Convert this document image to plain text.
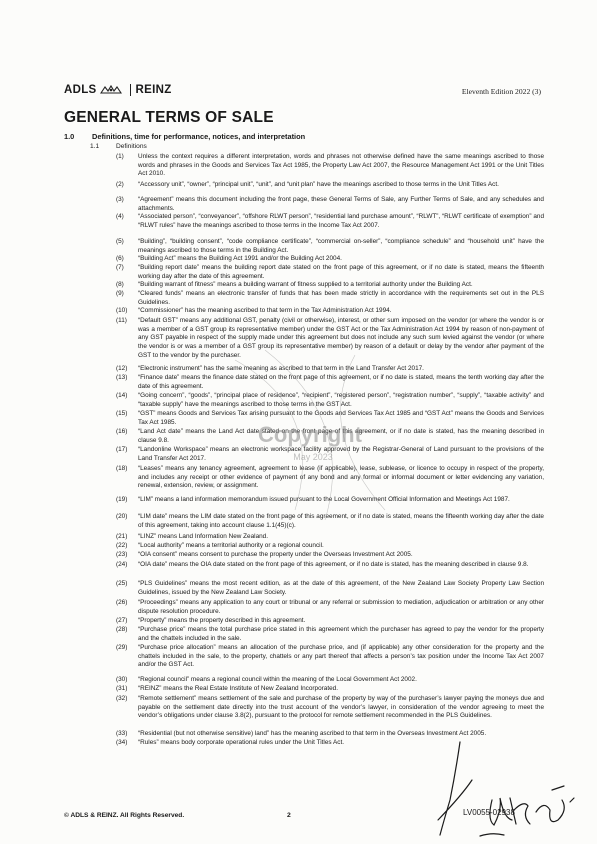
ADLS	REINZ	Eleventh Edition 2022 (3)
GENERAL TERMS OF SALE
1.0 Definitions, time for performance, notices, and interpretation
1.1	Definitions
(1) Unless the context requires a different interpretation, words and phrases not otherwise defined have the same meanings ascribed to those words and phrases in the Goods and Services Tax Act 1985, the Property Law Act 2007, the Resource Management Act 1991 or the Unit Titles Act 2010.
(2) “Accessory unit”, “owner”, “principal unit”, “unit”, and “unit plan” have the meanings ascribed to those terms in the Unit Titles Act.
(3) “Agreement” means this document including the front page, these General Terms of Sale, any Further Terms of Sale, and any schedules and attachments.
(4) “Associated person”, “conveyancer”, “offshore RLWT person”, “residential land purchase amount”, “RLWT”, “RLWT certificate of exemption” and “RLWT rules” have the meanings ascribed to those terms in the Income Tax Act 2007.
(5) “Building”, “building consent”, “code compliance certificate”, “commercial on-seller”, “compliance schedule” and “household unit” have the meanings ascribed to those terms in the Building Act.
(6) “Building Act” means the Building Act 1991 and/or the Building Act 2004.
(7) “Building report date” means the building report date stated on the front page of this agreement, or if no date is stated, means the fifteenth working day after the date of this agreement.
(8) “Building warrant of fitness” means a building warrant of fitness supplied to a territorial authority under the Building Act.
(9) “Cleared funds” means an electronic transfer of funds that has been made strictly in accordance with the requirements set out in the PLS Guidelines.
(10) “Commissioner” has the meaning ascribed to that term in the Tax Administration Act 1994.
(11) “Default GST” means any additional GST, penalty (civil or otherwise), interest, or other sum imposed on the vendor (or where the vendor is or was a member of a GST group its representative member) under the GST Act or the Tax Administration Act 1994 by reason of non-payment of any GST payable in respect of the supply made under this agreement but does not include any such sum levied against the vendor (or where the vendor is or was a member of a GST group its representative member) by reason of a default or delay by the vendor after payment of the GST to the vendor by the purchaser.
(12) “Electronic instrument” has the same meaning as ascribed to that term in the Land Transfer Act 2017.
(13) “Finance date” means the finance date stated on the front page of this agreement, or if no date is stated, means the tenth working day after the date of this agreement.
(14) “Going concern”, “goods”, “principal place of residence”, “recipient”, “registered person”, “registration number”, “supply”, “taxable activity” and “taxable supply” have the meanings ascribed to those terms in the GST Act.
(15) “GST” means Goods and Services Tax arising pursuant to the Goods and Services Tax Act 1985 and “GST Act” means the Goods and Services Tax Act 1985.
(16) “Land Act date” means the Land Act date stated on the front page of this agreement, or if no date is stated, has the meaning described in clause 9.8.
(17) “Landonline Workspace” means an electronic workspace facility approved by the Registrar-General of Land pursuant to the provisions of the Land Transfer Act 2017.
(18) “Leases” means any tenancy agreement, agreement to lease (if applicable), lease, sublease, or licence to occupy in respect of the property, and includes any receipt or other evidence of payment of any bond and any formal or informal document or letter evidencing any variation, renewal, extension, review, or assignment.
(19) “LIM” means a land information memorandum issued pursuant to the Local Government Official Information and Meetings Act 1987.
(20) “LIM date” means the LIM date stated on the front page of this agreement, or if no date is stated, means the fifteenth working day after the date of this agreement, taking into account clause 1.1(45)(c).
(21) “LINZ” means Land Information New Zealand.
(22) “Local authority” means a territorial authority or a regional council.
(23) “OIA consent” means consent to purchase the property under the Overseas Investment Act 2005.
(24) “OIA date” means the OIA date stated on the front page of this agreement, or if no date is stated, has the meaning described in clause 9.8.
(25) “PLS Guidelines” means the most recent edition, as at the date of this agreement, of the New Zealand Law Society Property Law Section Guidelines, issued by the New Zealand Law Society.
(26) “Proceedings” means any application to any court or tribunal or any referral or submission to mediation, adjudication or arbitration or any other dispute resolution procedure.
(27) “Property” means the property described in this agreement.
(28) “Purchase price” means the total purchase price stated in this agreement which the purchaser has agreed to pay the vendor for the property and the chattels included in the sale.
(29) “Purchase price allocation” means an allocation of the purchase price, and (if applicable) any other consideration for the property and the chattels included in the sale, to the property, chattels or any part thereof that affects a person’s tax position under the Income Tax Act 2007 and/or the GST Act.
(30) “Regional council” means a regional council within the meaning of the Local Government Act 2002.
(31) “REINZ” means the Real Estate Institute of New Zealand Incorporated.
(32) “Remote settlement” means settlement of the sale and purchase of the property by way of the purchaser’s lawyer paying the moneys due and payable on the settlement date directly into the trust account of the vendor’s lawyer, in consideration of the vendor agreeing to meet the vendor’s obligations under clause 3.8(2), pursuant to the protocol for remote settlement recommended in the PLS Guidelines.
(33) “Residential (but not otherwise sensitive) land” has the meaning ascribed to that term in the Overseas Investment Act 2005.
(34) “Rules” means body corporate operational rules under the Unit Titles Act.
Copyright
May 2023
© ADLS & REINZ. All Rights Reserved.	2	LV0055-02938
